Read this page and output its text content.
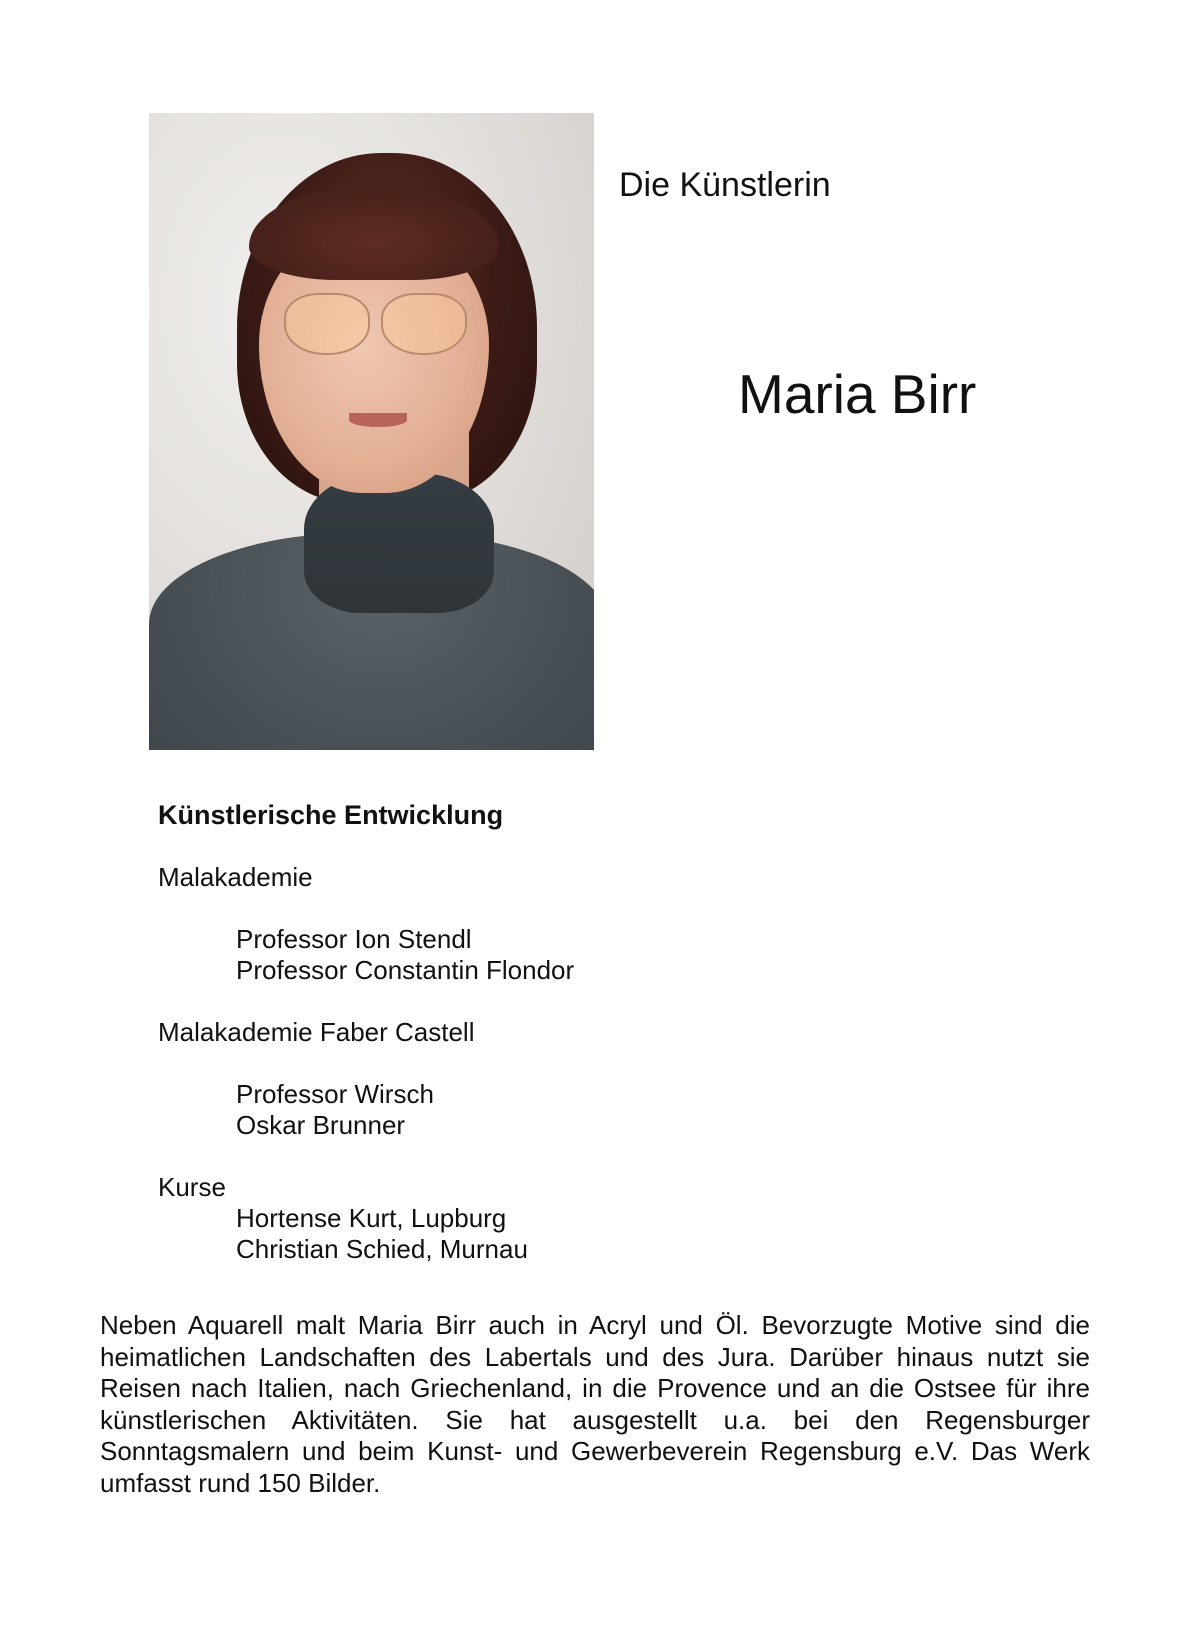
Die Künstlerin
Maria Birr

Künstlerische Entwicklung

Malakademie

Professor Ion Stendl

Professor Constantin Flondor

Malakademie Faber Castell

Professor Wirsch

Oskar Brunner

Kurse

Hortense Kurt, Lupburg

Christian Schied, Murnau

Neben Aquarell malt Maria Birr auch in Acryl und Öl. Bevorzugte Motive sind die heimatlichen Landschaften des Labertals und des Jura. Darüber hinaus nutzt sie Reisen nach Italien, nach Griechenland, in die Provence und an die Ostsee für ihre künstlerischen Aktivitäten. Sie hat ausgestellt u.a. bei den Regensburger Sonntagsmalern und beim Kunst- und Gewerbeverein Regensburg e.V. Das Werk umfasst rund 150 Bilder.
